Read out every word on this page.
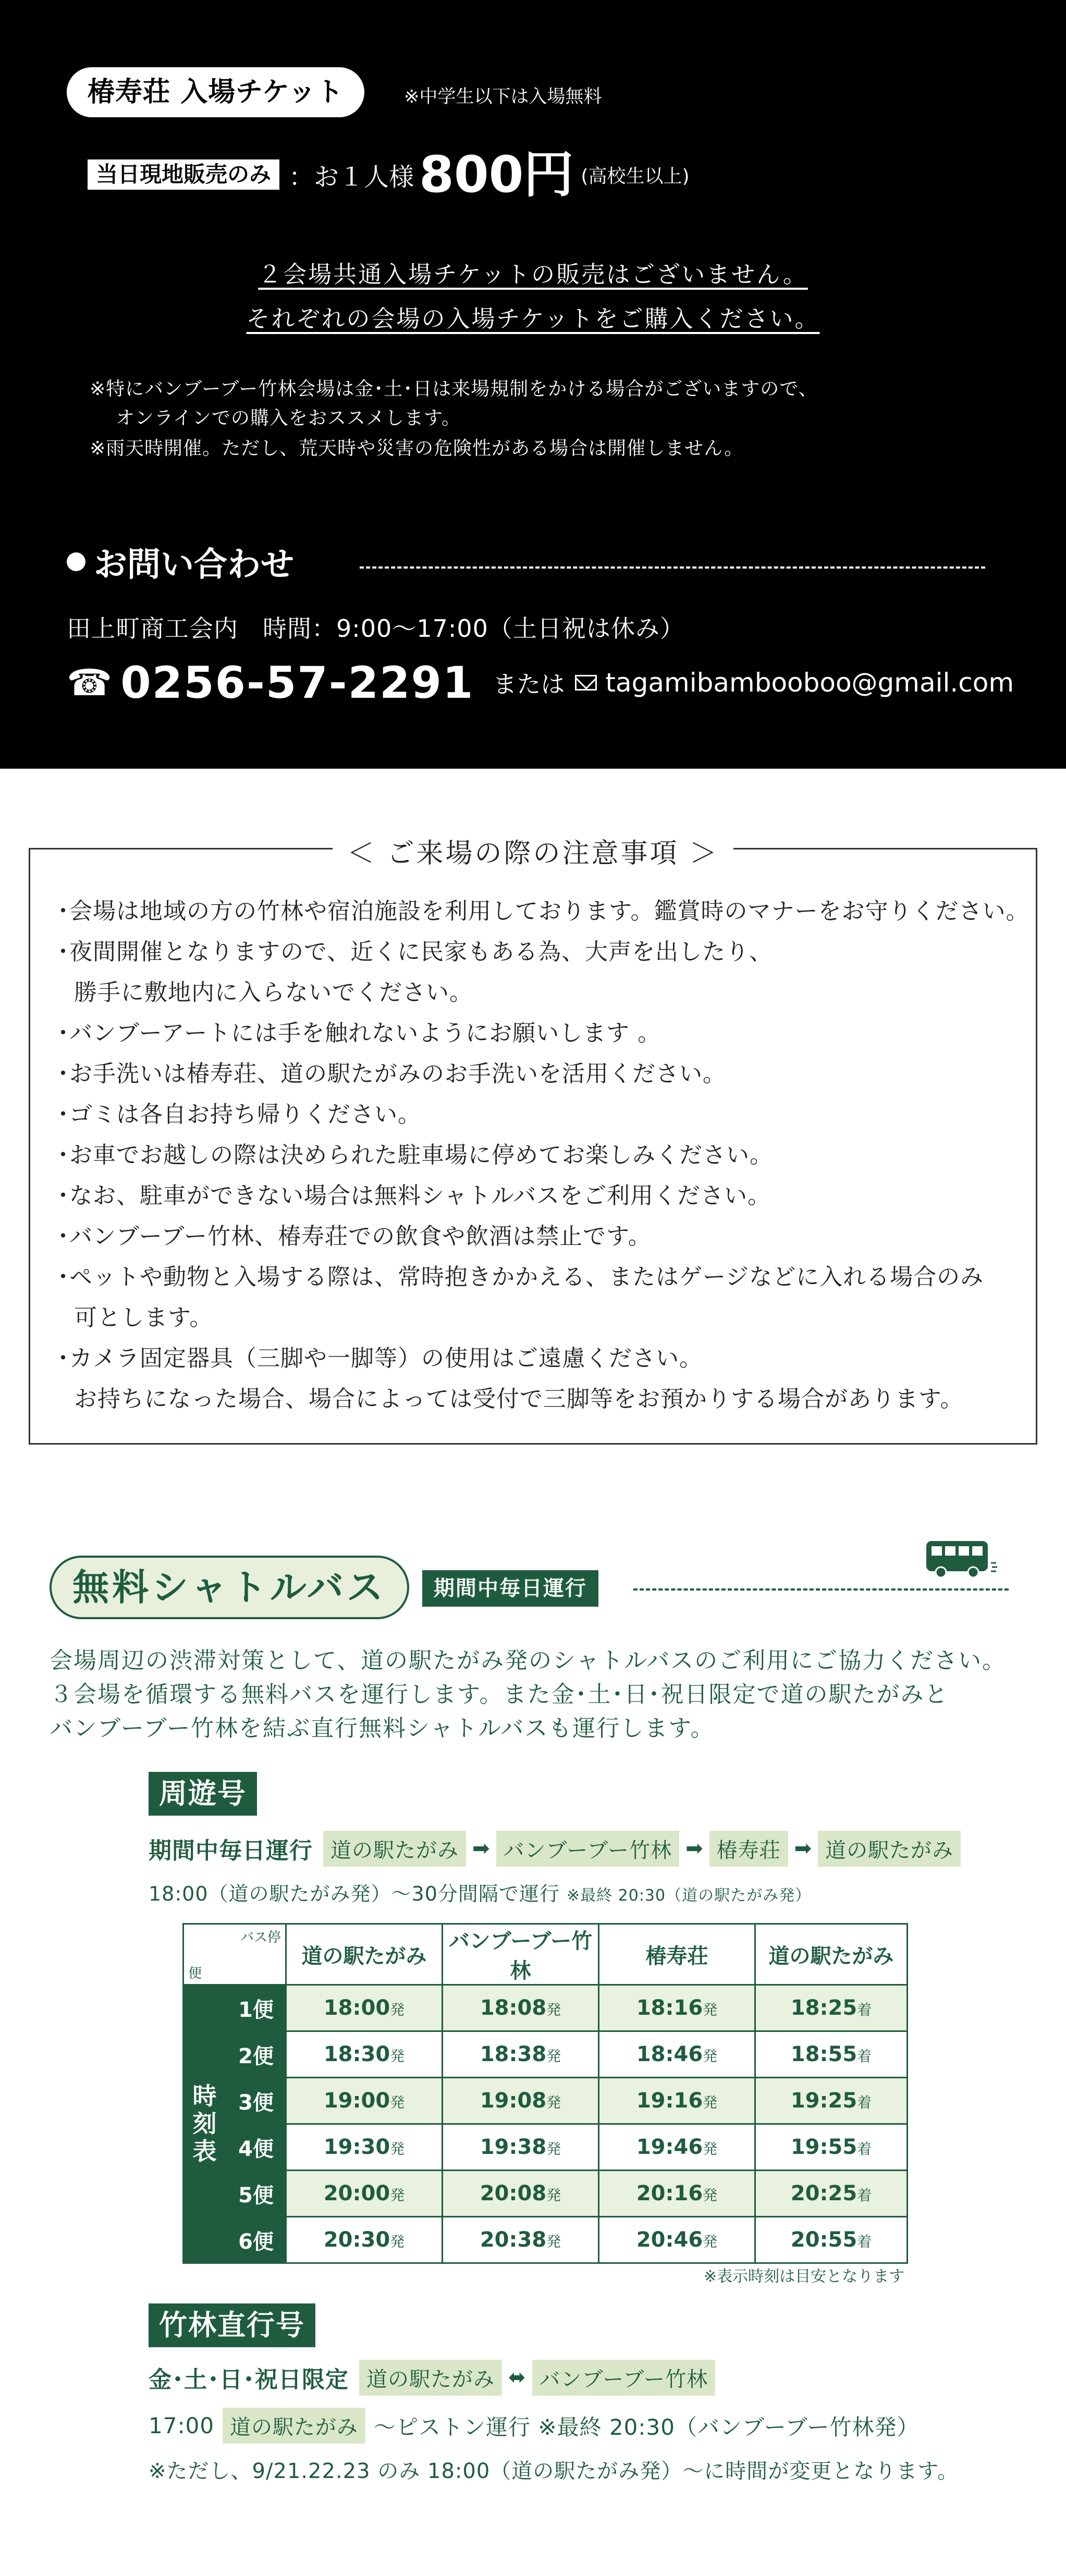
椿寿荘 入場チケット	※中学生以下は入場無料
当日現地販売のみ ：お１人様 800円 (高校生以上)
２会場共通入場チケットの販売はございません。
それぞれの会場の入場チケットをご購入ください。
※特にバンブーブー竹林会場は金･土･日は来場規制をかける場合がございますので、
オンラインでの購入をおススメします。
※雨天時開催。ただし、荒天時や災害の危険性がある場合は開催しません。
お問い合わせ
田上町商工会内　時間：9:00～17:00（土日祝は休み）
☎ 0256-57-2291 または tagamibambooboo@gmail.com
＜ ご来場の際の注意事項 ＞
･会場は地域の方の竹林や宿泊施設を利用しております。鑑賞時のマナーをお守りください。
･夜間開催となりますので、近くに民家もある為、大声を出したり、
勝手に敷地内に入らないでください。
･バンブーアートには手を触れないようにお願いします 。
･お手洗いは椿寿荘、道の駅たがみのお手洗いを活用ください。
･ゴミは各自お持ち帰りください。
･お車でお越しの際は決められた駐車場に停めてお楽しみください。
･なお、駐車ができない場合は無料シャトルバスをご利用ください。
･バンブーブー竹林、椿寿荘での飲食や飲酒は禁止です。
･ペットや動物と入場する際は、常時抱きかかえる、またはゲージなどに入れる場合のみ
可とします。
･カメラ固定器具（三脚や一脚等）の使用はご遠慮ください。
お持ちになった場合、場合によっては受付で三脚等をお預かりする場合があります。
無料シャトルバス	期間中毎日運行
会場周辺の渋滞対策として、道の駅たがみ発のシャトルバスのご利用にご協力ください。
３会場を循環する無料バスを運行します。また金･土･日･祝日限定で道の駅たがみと
バンブーブー竹林を結ぶ直行無料シャトルバスも運行します。
周遊号
期間中毎日運行 道の駅たがみ ➡ バンブーブー竹林 ➡ 椿寿荘 ➡ 道の駅たがみ
18:00（道の駅たがみ発）～30分間隔で運行 ※最終 20:30（道の駅たがみ発）
バス停
便		道の駅たがみ	バンブーブー竹林	椿寿荘	道の駅たがみ
時
刻
表	1便	18:00発	18:08発	18:16発	18:25着
	2便	18:30発	18:38発	18:46発	18:55着
	3便	19:00発	19:08発	19:16発	19:25着
	4便	19:30発	19:38発	19:46発	19:55着
	5便	20:00発	20:08発	20:16発	20:25着
	6便	20:30発	20:38発	20:46発	20:55着
※表示時刻は目安となります
竹林直行号
金･土･日･祝日限定 道の駅たがみ ⬌ バンブーブー竹林
17:00 道の駅たがみ ～ピストン運行 ※最終 20:30（バンブーブー竹林発）
※ただし、9/21.22.23 のみ 18:00（道の駅たがみ発）～に時間が変更となります。
